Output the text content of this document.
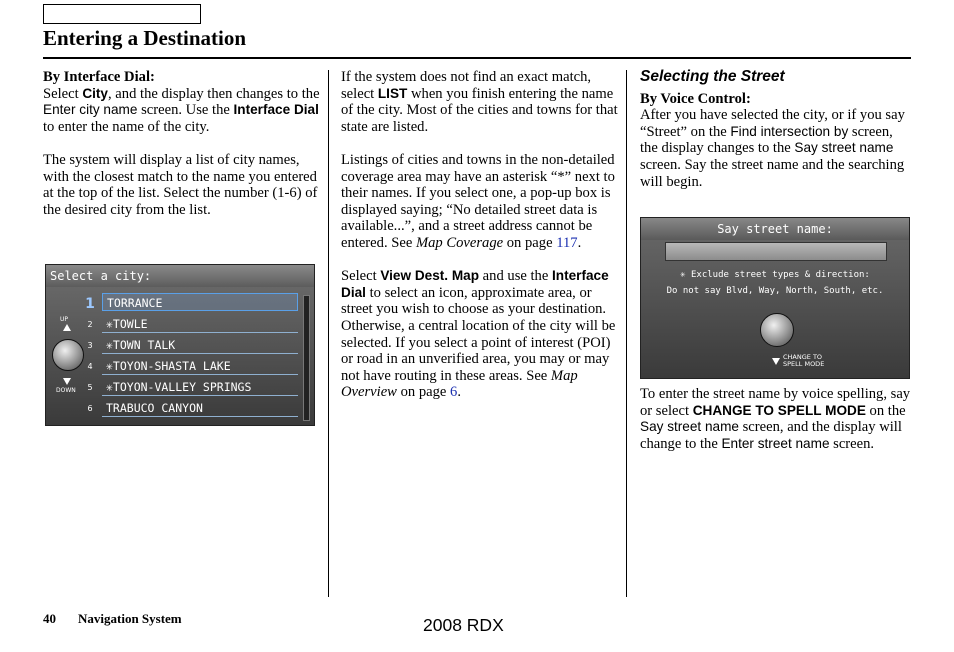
Entering a Destination

By Interface Dial:

Select City, and the display then changes to the Enter city name screen. Use the Interface Dial to enter the name of the city.

The system will display a list of city names, with the closest match to the name you entered at the top of the list. Select the number (1-6) of the desired city from the list.

Select a city:
UP
DOWN
1	TORRANCE
2	✳TOWLE
3	✳TOWN TALK
4	✳TOYON-SHASTA LAKE
5	✳TOYON-VALLEY SPRINGS
6	TRABUCO CANYON

If the system does not find an exact match, select LIST when you finish entering the name of the city. Most of the cities and towns for that state are listed.

Listings of cities and towns in the non-detailed coverage area may have an asterisk “*” next to their names. If you select one, a pop-up box is displayed saying; “No detailed street data is available...”, and a street address cannot be entered. See Map Coverage on page 117.

Select View Dest. Map and use the Interface Dial to select an icon, approximate area, or street you wish to choose as your destination. Otherwise, a central location of the city will be selected. If you select a point of interest (POI) or road in an unverified area, you may or may not have routing in these areas. See Map Overview on page 6.

Selecting the Street

By Voice Control:

After you have selected the city, or if you say “Street” on the Find intersection by screen, the display changes to the Say street name screen. Say the street name and the searching will begin.

Say street name:
✳ Exclude street types & direction:
Do not say Blvd, Way, North, South, etc.
CHANGE TO
SPELL MODE

To enter the street name by voice spelling, say or select CHANGE TO SPELL MODE on the Say street name screen, and the display will change to the Enter street name screen.

40 Navigation System	2008 RDX
